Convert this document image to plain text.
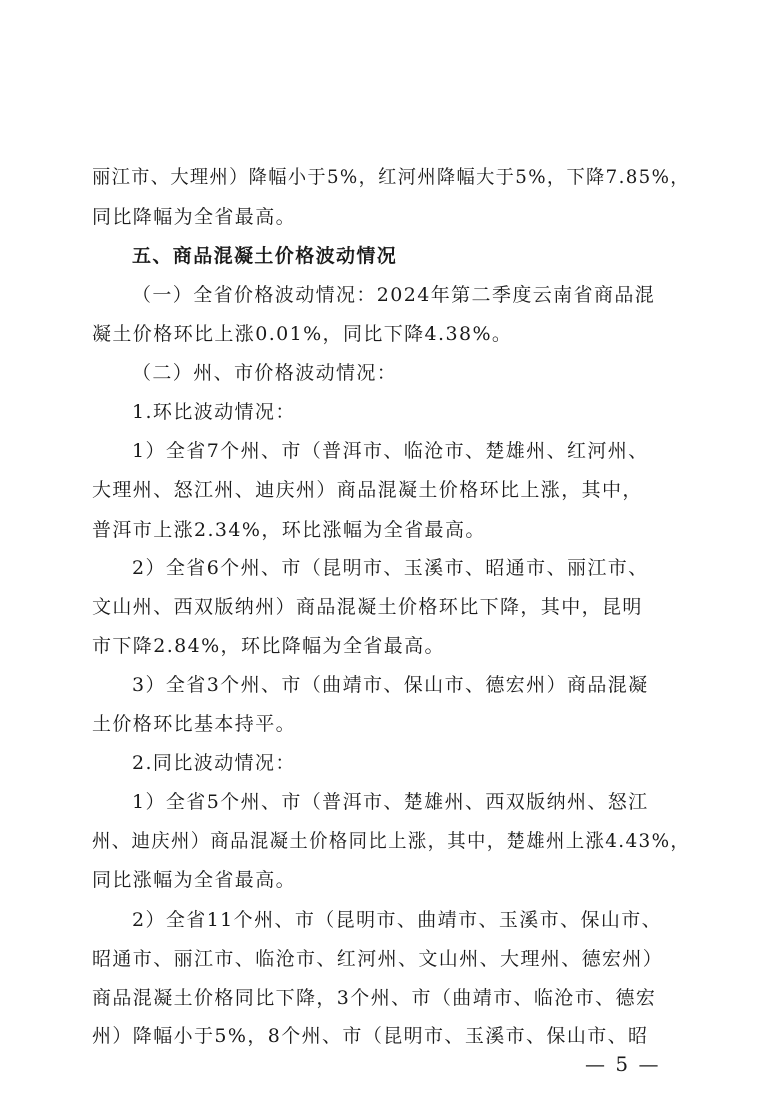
丽江市、大理州）降幅小于5%，红河州降幅大于5%，下降7.85%，
同比降幅为全省最高。
五、商品混凝土价格波动情况
（一）全省价格波动情况：2024年第二季度云南省商品混
凝土价格环比上涨0.01%，同比下降4.38%。
（二）州、市价格波动情况：
1.环比波动情况：
1）全省7个州、市（普洱市、临沧市、楚雄州、红河州、
大理州、怒江州、迪庆州）商品混凝土价格环比上涨，其中，
普洱市上涨2.34%，环比涨幅为全省最高。
2）全省6个州、市（昆明市、玉溪市、昭通市、丽江市、
文山州、西双版纳州）商品混凝土价格环比下降，其中，昆明
市下降2.84%，环比降幅为全省最高。
3）全省3个州、市（曲靖市、保山市、德宏州）商品混凝
土价格环比基本持平。
2.同比波动情况：
1）全省5个州、市（普洱市、楚雄州、西双版纳州、怒江
州、迪庆州）商品混凝土价格同比上涨，其中，楚雄州上涨4.43%，
同比涨幅为全省最高。
2）全省11个州、市（昆明市、曲靖市、玉溪市、保山市、
昭通市、丽江市、临沧市、红河州、文山州、大理州、德宏州）
商品混凝土价格同比下降，3个州、市（曲靖市、临沧市、德宏
州）降幅小于5%，8个州、市（昆明市、玉溪市、保山市、昭
— 5 —
